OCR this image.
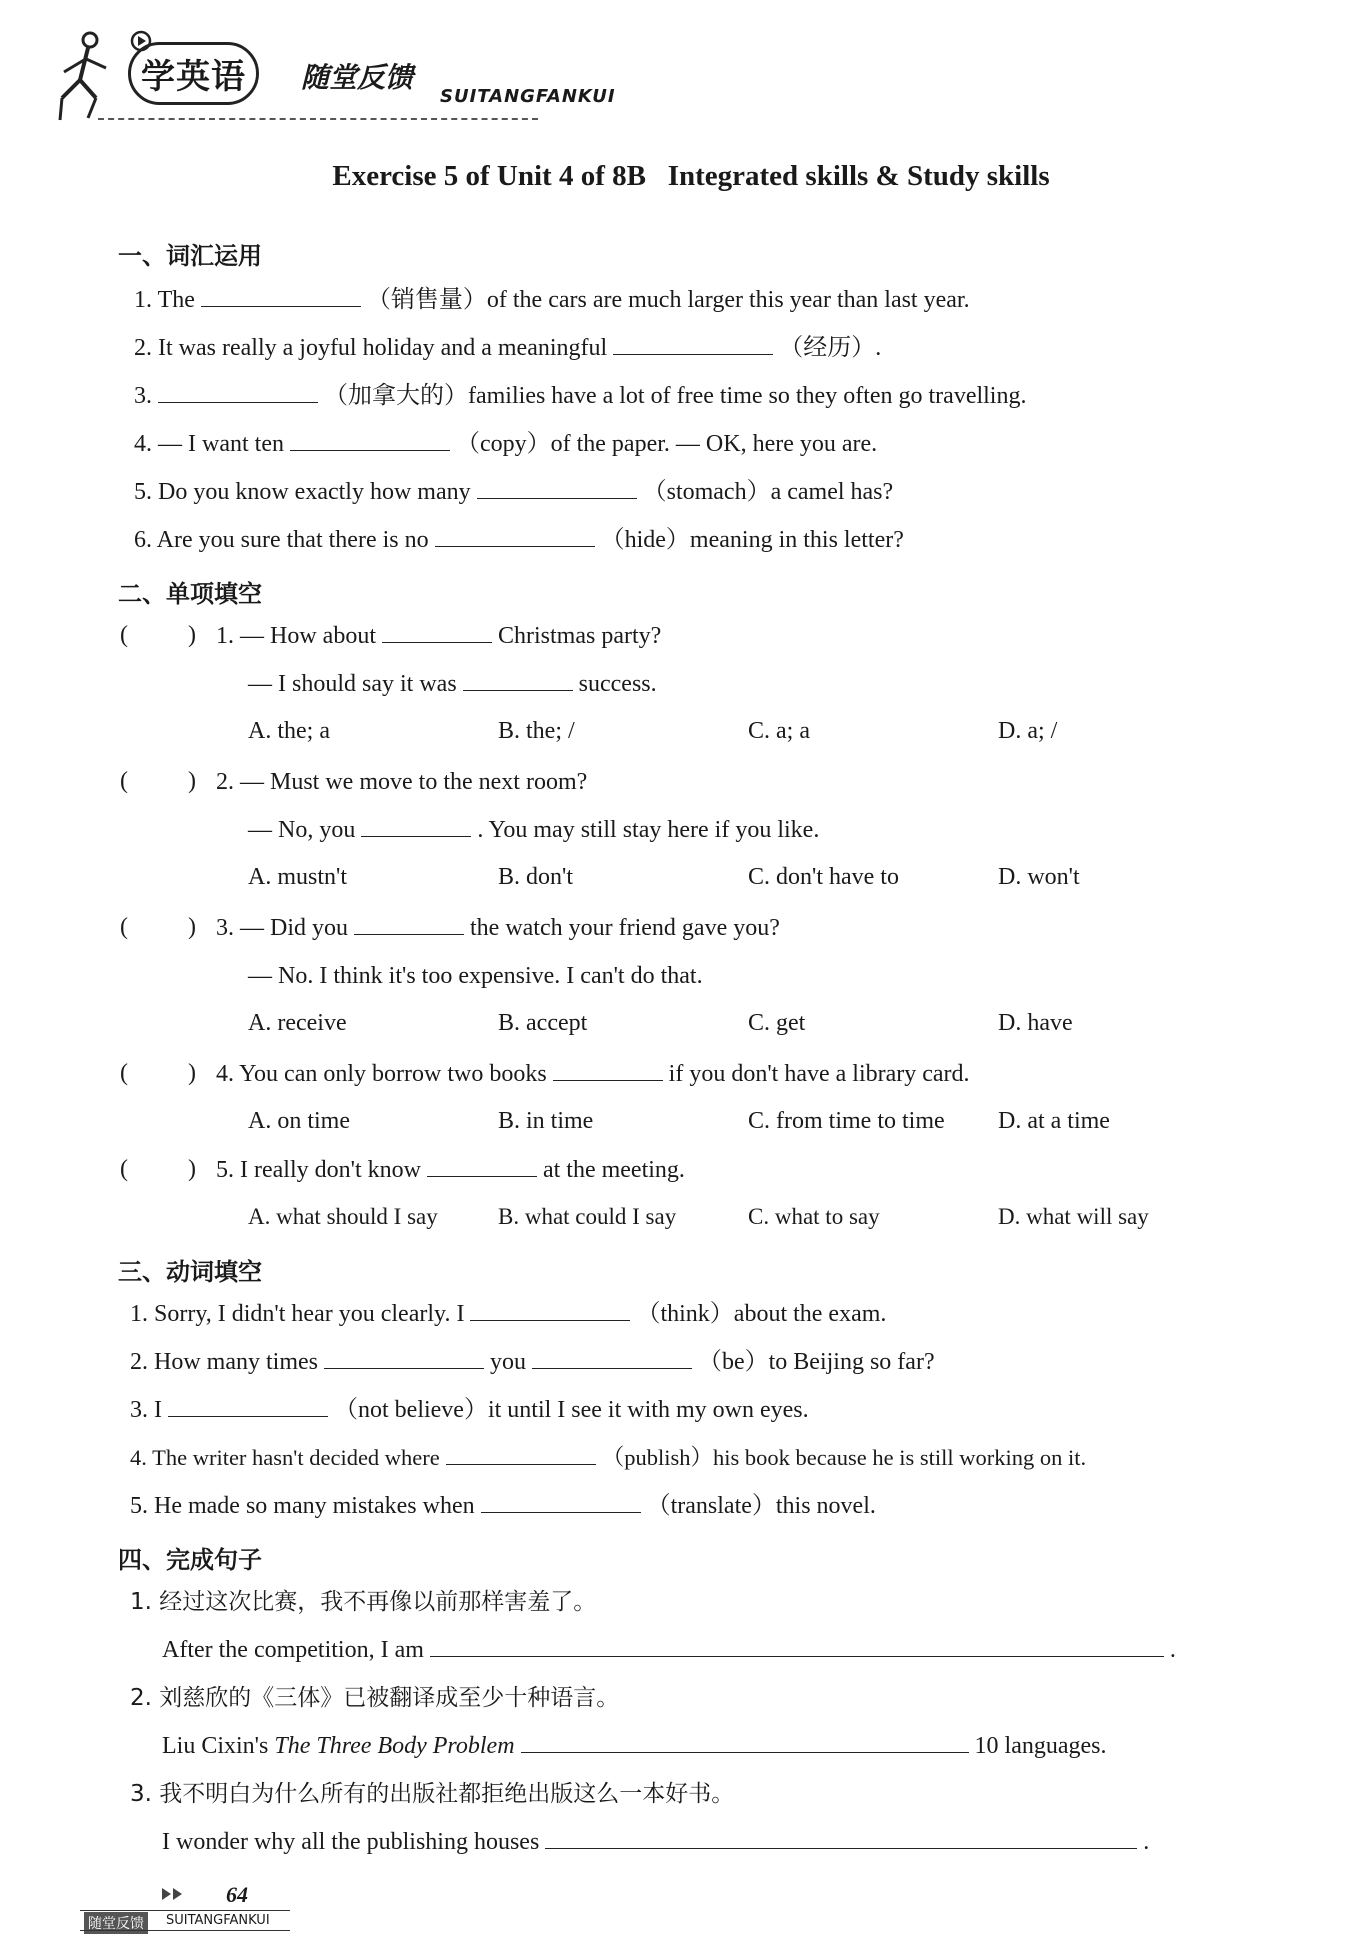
学英语	随堂反馈
SUITANGFANKUI
Exercise 5 of Unit 4 of 8B   Integrated skills & Study skills
一、词汇运用
1. The	（销售量）of the cars are much larger this year than last year.
2. It was really a joyful holiday and a meaningful	（经历）.
3.	（加拿大的）families have a lot of free time so they often go travelling.
4. — I want ten	（copy）of the paper. — OK, here you are.
5. Do you know exactly how many	（stomach）a camel has?
6. Are you sure that there is no	（hide）meaning in this letter?
二、单项填空
(	) 1. — How about	Christmas party?
— I should say it was	success.
A. the; a	B. the; /	C. a; a	D. a; /
(	) 2. — Must we move to the next room?
— No, you	. You may still stay here if you like.
A. mustn't	B. don't	C. don't have to	D. won't
(	) 3. — Did you	the watch your friend gave you?
— No. I think it's too expensive. I can't do that.
A. receive	B. accept	C. get	D. have
(	) 4. You can only borrow two books	if you don't have a library card.
A. on time	B. in time	C. from time to time D. at a time
(	) 5. I really don't know	at the meeting.
A. what should I say	B. what could I say	C. what to say	D. what will say
三、动词填空
1. Sorry, I didn't hear you clearly. I	（think）about the exam.
2. How many times	you	（be）to Beijing so far?
3. I	（not believe）it until I see it with my own eyes.
4. The writer hasn't decided where	（publish）his book because he is still working on it.
5. He made so many mistakes when	（translate）this novel.
四、完成句子
1. 经过这次比赛，我不再像以前那样害羞了。
After the competition, I am	.
2. 刘慈欣的《三体》已被翻译成至少十种语言。
Liu Cixin's The Three Body Problem	10 languages.
3. 我不明白为什么所有的出版社都拒绝出版这么一本好书。
I wonder why all the publishing houses	.
64
随堂反馈	SUITANGFANKUI
